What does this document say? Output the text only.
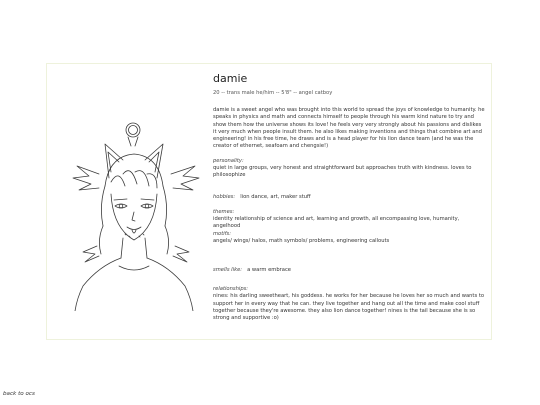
damie
20 -- trans male he/him -- 5'8" -- angel catboy
damie is a sweet angel who was brought into this world to spread the joys of knowledge to humanity. he speaks in physics and math and connects himself to people through his warm kind nature to try and show them how the universe shows its love! he feels very very strongly about his passions and dislikes it very much when people insult them. he also likes making inventions and things that combine art and engineering! in his free time, he draws and is a head player for his lion dance team (and he was the creator of ethernet, seafoam and chengsie!)
personality:
quiet in large groups, very honest and straightforward but approaches truth with kindness. loves to philosophize
hobbies: lion dance, art, maker stuff
themes:
identity relationship of science and art, learning and growth, all encompassing love, humanity, angelhood
motifs:
angels/ wings/ halos, math symbols/ problems, engineering callouts
smells like: a warm embrace
relationships:
nines: his darling sweetheart, his goddess. he works for her because he loves her so much and wants to support her in every way that he can. they live together and hang out all the time and make cool stuff together because they're awesome. they also lion dance together! nines is the tail because she is so strong and supportive :o)
back to ocs
